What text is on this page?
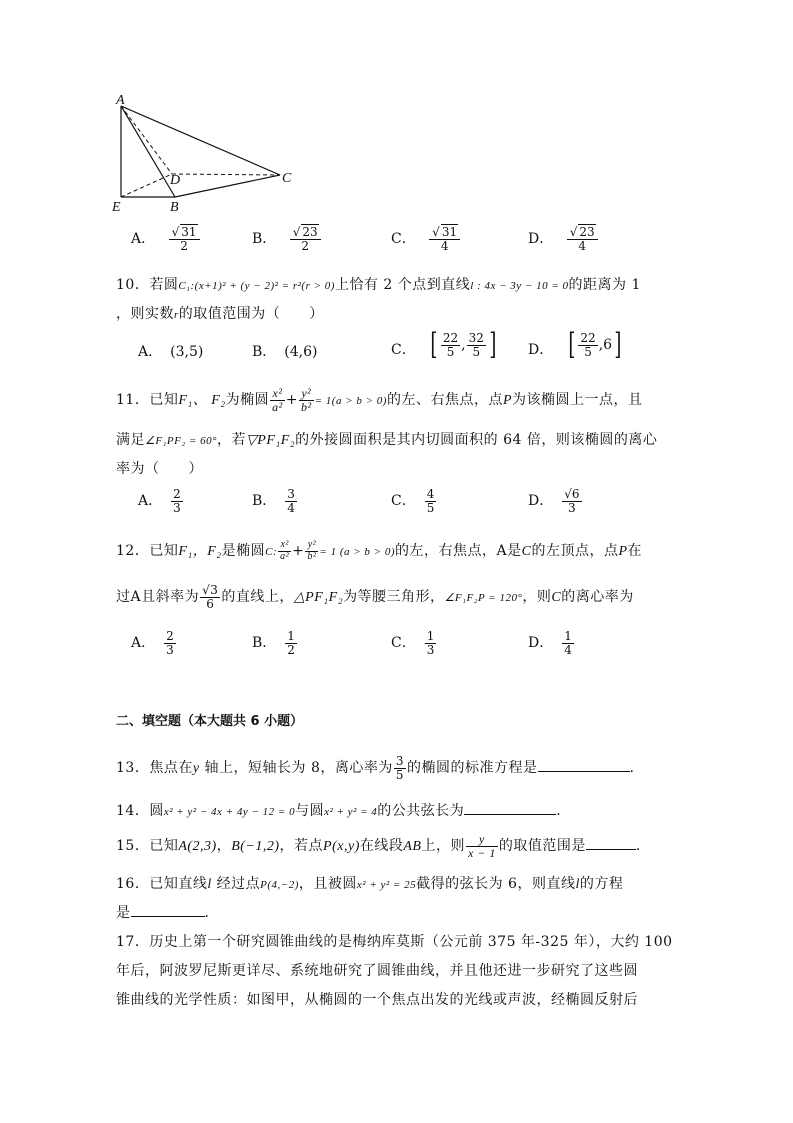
A
D	C
E	B
A． $\frac{√ 31}{2}$	B． $\frac{√ 23}{2}$	C． $\frac{√ 31}{4}$	D． $\frac{√ 23}{4}$
10．若圆C₁:(x+1)² + (y − 2)² = r²(r > 0)上恰有 2 个点到直线l : 4x − 3y − 10 = 0的距离为 1
，则实数r的取值范围为（　　）
A． (3,5)	B． (4,6)	C． [ $\frac{22}{5}$ , $\frac{32}{5}$ ] D． [ $\frac{22}{5}$ , 6 ]
11．已知F₁、 F₂为椭圆 $\frac{\text{x²}}{\text{a²}} + \frac{\text{y²}}{\text{b²}} = 1(a > b > 0)$的左、右焦点，点P为该椭圆上一点，且
满足∠F₁PF₂ = 60°，若▽PF₁F₂的外接圆面积是其内切圆面积的 64 倍，则该椭圆的离心
率为（　　）
A． $\frac{2}{3}$	B． $\frac{3}{4}$	C． $\frac{4}{5}$	D． $\frac{√6}{3}$
12．已知F₁，F₂是椭圆C: $\frac{\text{x²}}{\text{a²}} + \frac{\text{y²}}{\text{b²}} = 1$ (a > b > 0)的左，右焦点，A是C的左顶点，点P在
过A且斜率为 $\frac{√3}{6}$ 的直线上，△PF₁F₂为等腰三角形，∠F₁F₂P = 120°，则C的离心率为
A． $\frac{2}{3}$	B． $\frac{1}{2}$	C． $\frac{1}{3}$	D． $\frac{1}{4}$
二、填空题（本大题共 6 小题）
13．焦点在y 轴上，短轴长为 8，离心率为 $\frac{3}{5}$ 的椭圆的标准方程是	.
14．圆x² + y² − 4x + 4y − 12 = 0与圆x² + y² = 4的公共弦长为	.
15．已知A(2,3)，B(−1,2)，若点P(x,y)在线段AB上，则 $\frac{y}{x - 1}$ 的取值范围是	.
16．已知直线l 经过点P(4,−2)，且被圆x² + y² = 25截得的弦长为 6，则直线l的方程
是	.
17．历史上第一个研究圆锥曲线的是梅纳库莫斯（公元前 375 年-325 年），大约 100
年后，阿波罗尼斯更详尽、系统地研究了圆锥曲线，并且他还进一步研究了这些圆
锥曲线的光学性质：如图甲，从椭圆的一个焦点出发的光线或声波，经椭圆反射后
